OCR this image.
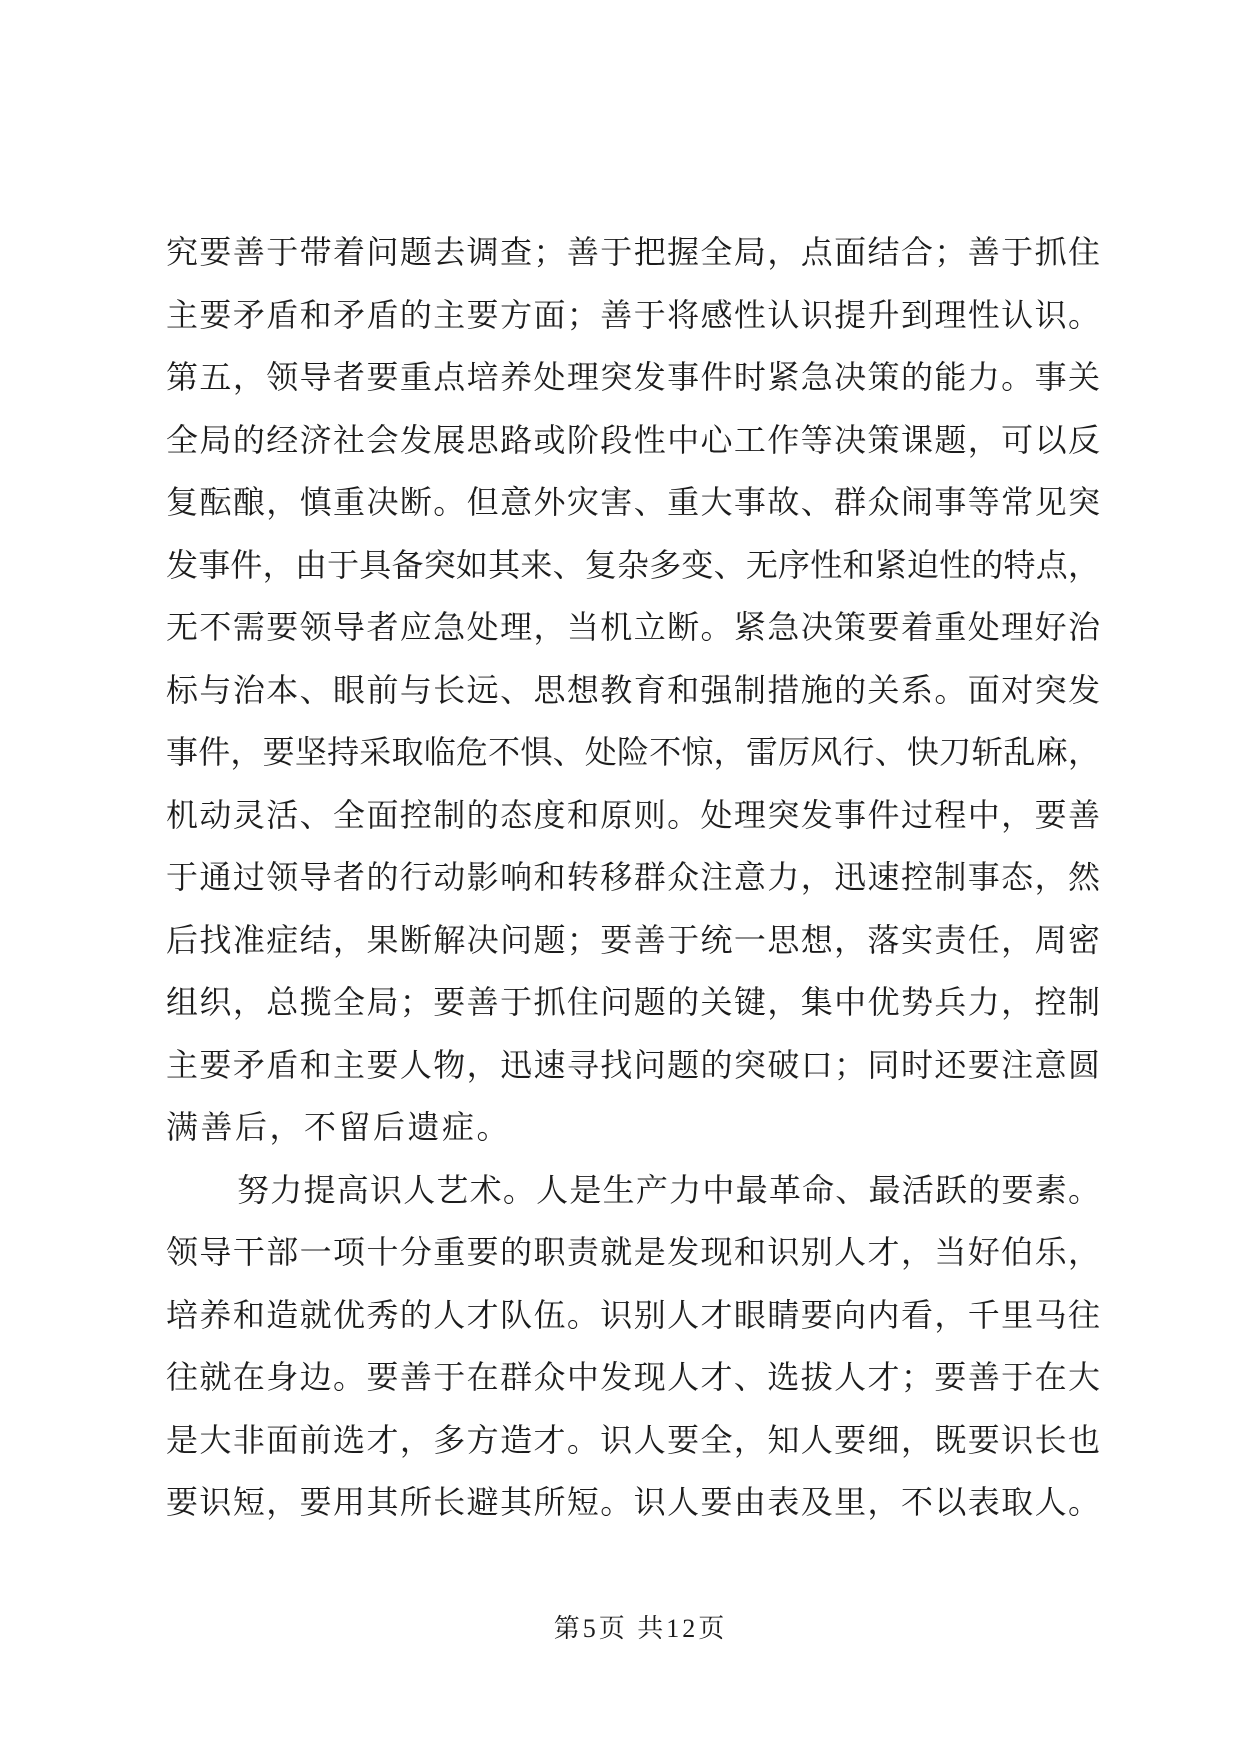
究要善于带着问题去调查；善于把握全局，点面结合；善于抓住
主要矛盾和矛盾的主要方面；善于将感性认识提升到理性认识。
第五，领导者要重点培养处理突发事件时紧急决策的能力。事关
全局的经济社会发展思路或阶段性中心工作等决策课题，可以反
复酝酿，慎重决断。但意外灾害、重大事故、群众闹事等常见突
发事件，由于具备突如其来、复杂多变、无序性和紧迫性的特点，
无不需要领导者应急处理，当机立断。紧急决策要着重处理好治
标与治本、眼前与长远、思想教育和强制措施的关系。面对突发
事件，要坚持采取临危不惧、处险不惊，雷厉风行、快刀斩乱麻，
机动灵活、全面控制的态度和原则。处理突发事件过程中，要善
于通过领导者的行动影响和转移群众注意力，迅速控制事态，然
后找准症结，果断解决问题；要善于统一思想，落实责任，周密
组织，总揽全局；要善于抓住问题的关键，集中优势兵力，控制
主要矛盾和主要人物，迅速寻找问题的突破口；同时还要注意圆
满善后，不留后遗症。
努力提高识人艺术。人是生产力中最革命、最活跃的要素。
领导干部一项十分重要的职责就是发现和识别人才，当好伯乐，
培养和造就优秀的人才队伍。识别人才眼睛要向内看，千里马往
往就在身边。要善于在群众中发现人才、选拔人才；要善于在大
是大非面前选才，多方造才。识人要全，知人要细，既要识长也
要识短，要用其所长避其所短。识人要由表及里，不以表取人。
第5页 共12页
